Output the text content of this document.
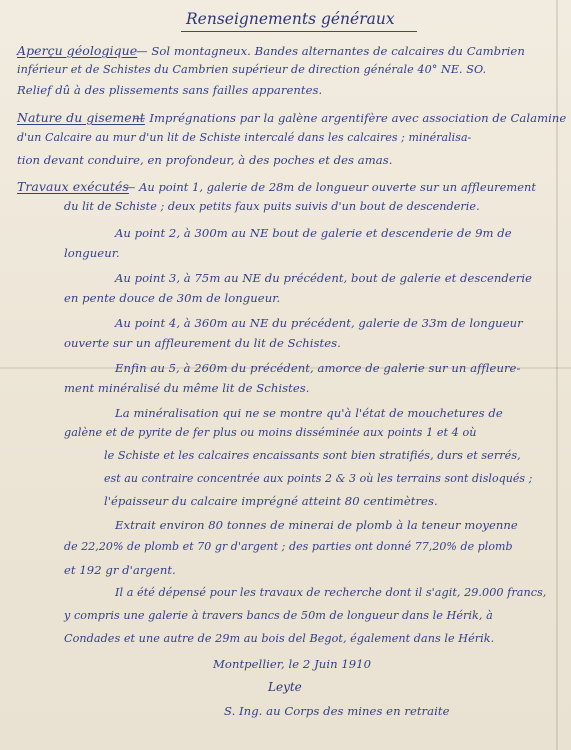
Renseignements généraux
Aperçu géologique
— Sol montagneux. Bandes alternantes de calcaires du Cambrien
inférieur et de Schistes du Cambrien supérieur de direction générale 40° NE. SO.
Relief dû à des plissements sans failles apparentes.
Nature du gisement
— Imprégnations par la galène argentifère avec association de Calamine
d'un Calcaire au mur d'un lit de Schiste intercalé dans les calcaires ; minéralisa-
tion devant conduire, en profondeur, à des poches et des amas.
Travaux exécutés
— Au point 1, galerie de 28m de longueur ouverte sur un affleurement
du lit de Schiste ; deux petits faux puits suivis d'un bout de descenderie.
Au point 2, à 300m au NE bout de galerie et descenderie de 9m de
longueur.
Au point 3, à 75m au NE du précédent, bout de galerie et descenderie
en pente douce de 30m de longueur.
Au point 4, à 360m au NE du précédent, galerie de 33m de longueur
ouverte sur un affleurement du lit de Schistes.
Enfin au 5, à 260m du précédent, amorce de galerie sur un affleure-
ment minéralisé du même lit de Schistes.
La minéralisation qui ne se montre qu'à l'état de mouchetures de
galène et de pyrite de fer plus ou moins disséminée aux points 1 et 4 où
le Schiste et les calcaires encaissants sont bien stratifiés, durs et serrés,
est au contraire concentrée aux points 2 & 3 où les terrains sont disloqués ;
l'épaisseur du calcaire imprégné atteint 80 centimètres.
Extrait environ 80 tonnes de minerai de plomb à la teneur moyenne
de 22,20% de plomb et 70 gr d'argent ; des parties ont donné 77,20% de plomb
et 192 gr d'argent.
Il a été dépensé pour les travaux de recherche dont il s'agit, 29.000 francs,
y compris une galerie à travers bancs de 50m de longueur dans le Hérik, à
Condades et une autre de 29m au bois del Begot, également dans le Hérik.
Montpellier, le 2 Juin 1910
Leyte
S. Ing. au Corps des mines en retraite
